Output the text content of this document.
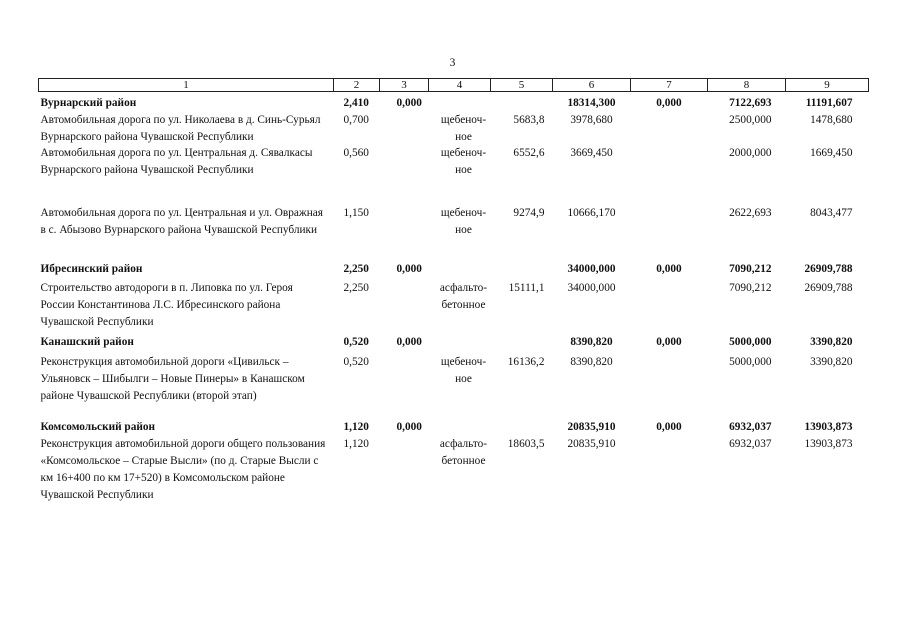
3
1	2	3	4	5	6	7	8	9
Вурнарский район	2,410	0,000			18314,300	0,000	7122,693	11191,607
Автомобильная дорога по ул. Николаева в д. Синь-Сурьял Вурнарского района Чувашской Республики	0,700		щебеноч-
ное	5683,8	3978,680		2500,000	1478,680
Автомобильная дорога по ул. Центральная д. Сявалкасы Вурнарского района Чувашской Республики	0,560		щебеноч-
ное	6552,6	3669,450		2000,000	1669,450
Автомобильная дорога по ул. Центральная и ул. Овражная в с. Абызово Вурнарского района Чувашской Республики	1,150		щебеноч-
ное	9274,9	10666,170		2622,693	8043,477
Ибресинский район	2,250	0,000			34000,000	0,000	7090,212	26909,788
Строительство автодороги в п. Липовка по ул. Героя России Константинова Л.С. Ибресинского района Чувашской Республики	2,250		асфальто-
бетонное	15111,1	34000,000		7090,212	26909,788
Канашский район	0,520	0,000			8390,820	0,000	5000,000	3390,820
Реконструкция автомобильной дороги «Цивильск – Ульяновск – Шибылги – Новые Пинеры» в Канашском районе Чувашской Республики (второй этап)	0,520		щебеноч-
ное	16136,2	8390,820		5000,000	3390,820
Комсомольский район	1,120	0,000			20835,910	0,000	6932,037	13903,873
Реконструкция автомобильной дороги общего пользования «Комсомольское – Старые Высли» (по д. Старые Высли с км 16+400 по км 17+520) в Комсомольском районе Чувашской Республики	1,120		асфальто-
бетонное	18603,5	20835,910		6932,037	13903,873
